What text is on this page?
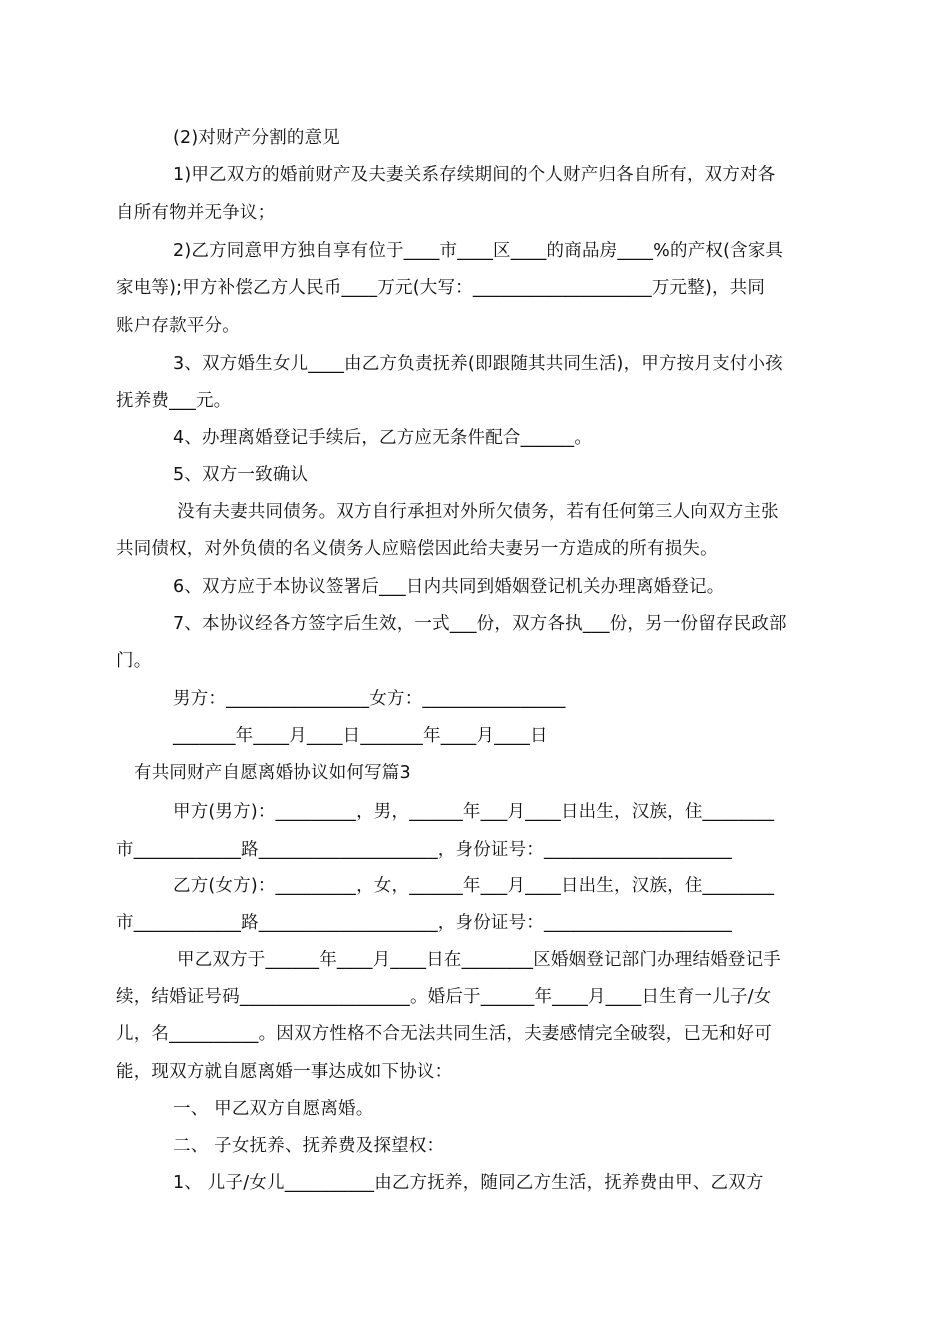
(2)对财产分割的意见
1)甲乙双方的婚前财产及夫妻关系存续期间的个人财产归各自所有，双方对各
自所有物并无争议；
2)乙方同意甲方独自享有位于____市____区____的商品房____%的产权(含家具
家电等);甲方补偿乙方人民币____万元(大写：____________________万元整)，共同
账户存款平分。
3、双方婚生女儿____由乙方负责抚养(即跟随其共同生活)，甲方按月支付小孩
抚养费___元。
4、办理离婚登记手续后，乙方应无条件配合______。
5、双方一致确认
没有夫妻共同债务。双方自行承担对外所欠债务，若有任何第三人向双方主张
共同债权，对外负债的名义债务人应赔偿因此给夫妻另一方造成的所有损失。
6、双方应于本协议签署后___日内共同到婚姻登记机关办理离婚登记。
7、本协议经各方签字后生效，一式___份，双方各执___份，另一份留存民政部
门。
男方：________________女方：________________
_______年____月____日_______年____月____日
有共同财产自愿离婚协议如何写篇3
甲方(男方)：_________，男，______年___月____日出生，汉族，住________
市____________路____________________，身份证号：_____________________
乙方(女方)：_________，女，______年___月____日出生，汉族，住________
市____________路____________________，身份证号：_____________________
甲乙双方于______年____月____日在________区婚姻登记部门办理结婚登记手
续，结婚证号码___________________。婚后于______年____月____日生育一儿子/女
儿，名__________。因双方性格不合无法共同生活，夫妻感情完全破裂，已无和好可
能，现双方就自愿离婚一事达成如下协议：
一、 甲乙双方自愿离婚。
二、 子女抚养、抚养费及探望权：
1、 儿子/女儿__________由乙方抚养，随同乙方生活，抚养费由甲、乙双方
